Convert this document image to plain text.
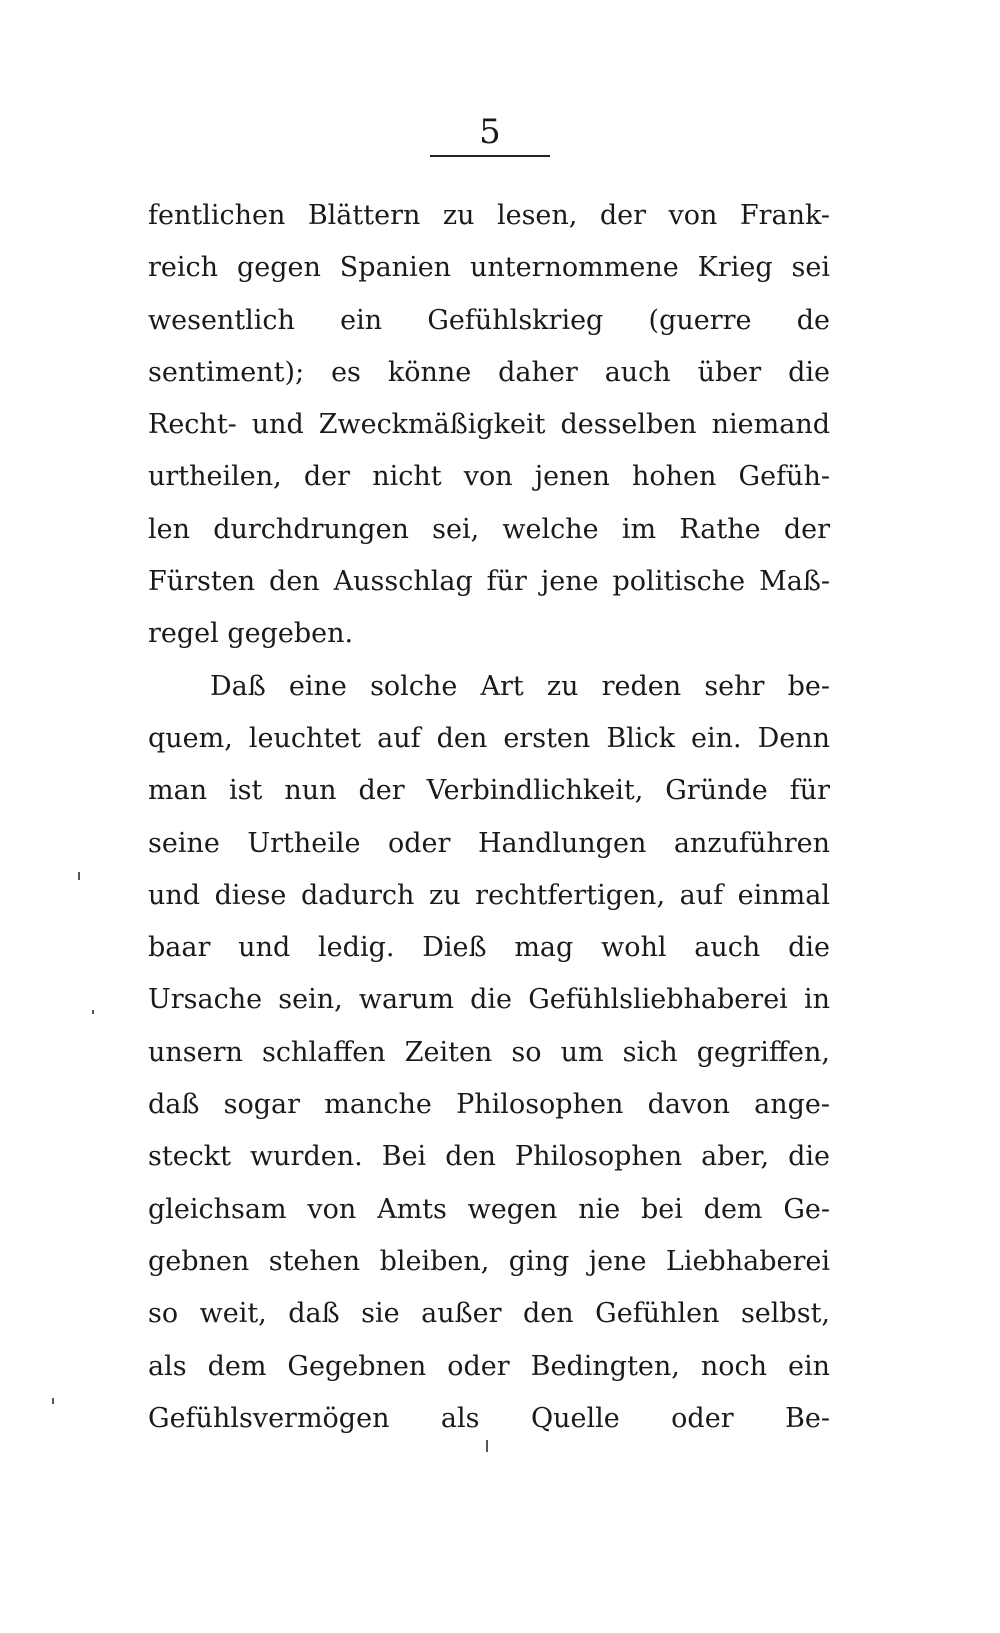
5
fentlichen Blättern zu lesen, der von Frank-
reich gegen Spanien unternommene Krieg sei
wesentlich ein Gefühlskrieg (guerre de
sentiment); es könne daher auch über die
Recht- und Zweckmäßigkeit desselben niemand
urtheilen, der nicht von jenen hohen Gefüh-
len durchdrungen sei, welche im Rathe der
Fürsten den Ausschlag für jene politische Maß-
regel gegeben.
Daß eine solche Art zu reden sehr be-
quem, leuchtet auf den ersten Blick ein. Denn
man ist nun der Verbindlichkeit, Gründe für
seine Urtheile oder Handlungen anzuführen
und diese dadurch zu rechtfertigen, auf einmal
baar und ledig. Dieß mag wohl auch die
Ursache sein, warum die Gefühlsliebhaberei in
unsern schlaffen Zeiten so um sich gegriffen,
daß sogar manche Philosophen davon ange-
steckt wurden. Bei den Philosophen aber, die
gleichsam von Amts wegen nie bei dem Ge-
gebnen stehen bleiben, ging jene Liebhaberei
so weit, daß sie außer den Gefühlen selbst,
als dem Gegebnen oder Bedingten, noch ein
Gefühlsvermögen als Quelle oder Be-
